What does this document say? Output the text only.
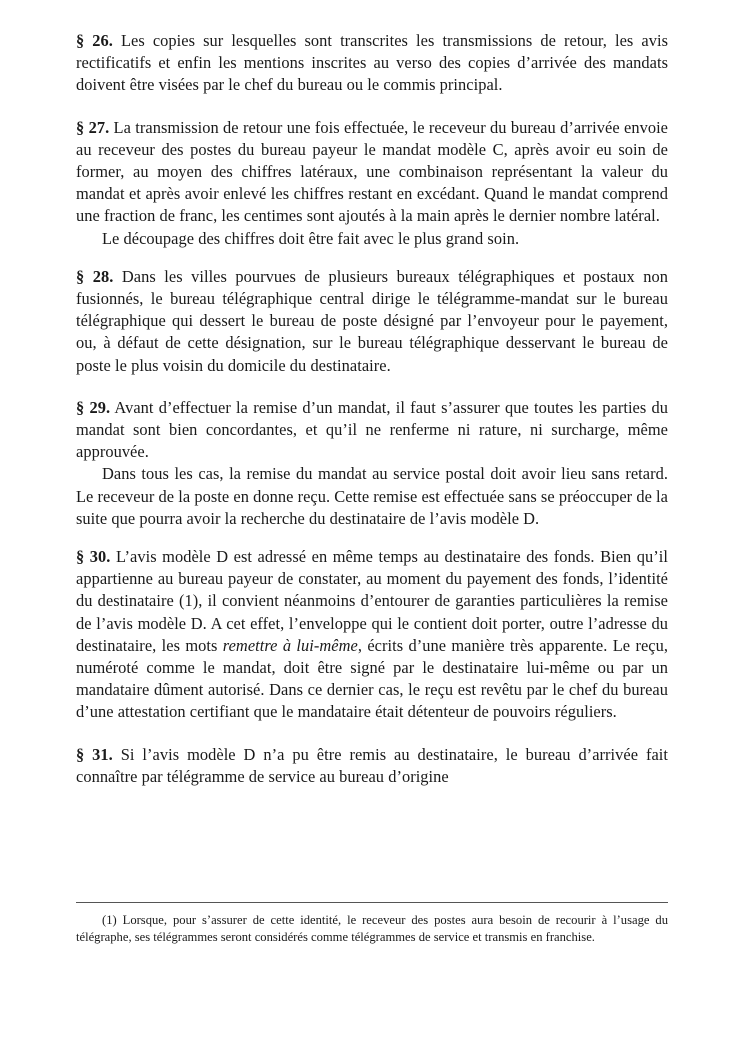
§ 26. Les copies sur lesquelles sont transcrites les transmissions de retour, les avis rectificatifs et enfin les mentions inscrites au verso des copies d’arrivée des mandats doivent être visées par le chef du bureau ou le commis principal.

§ 27. La transmission de retour une fois effectuée, le receveur du bureau d’arrivée envoie au receveur des postes du bureau payeur le mandat modèle C, après avoir eu soin de former, au moyen des chiffres latéraux, une combinaison représentant la valeur du mandat et après avoir enlevé les chiffres restant en excédant. Quand le mandat comprend une fraction de franc, les centimes sont ajoutés à la main après le dernier nombre latéral.

Le découpage des chiffres doit être fait avec le plus grand soin.

§ 28. Dans les villes pourvues de plusieurs bureaux télégraphiques et postaux non fusionnés, le bureau télégraphique central dirige le télégramme-mandat sur le bureau télégraphique qui dessert le bureau de poste désigné par l’envoyeur pour le payement, ou, à défaut de cette désignation, sur le bureau télégraphique desservant le bureau de poste le plus voisin du domicile du destinataire.

§ 29. Avant d’effectuer la remise d’un mandat, il faut s’assurer que toutes les parties du mandat sont bien concordantes, et qu’il ne renferme ni rature, ni surcharge, même approuvée.

Dans tous les cas, la remise du mandat au service postal doit avoir lieu sans retard. Le receveur de la poste en donne reçu. Cette remise est effectuée sans se préoccuper de la suite que pourra avoir la recherche du destinataire de l’avis modèle D.

§ 30. L’avis modèle D est adressé en même temps au destinataire des fonds. Bien qu’il appartienne au bureau payeur de constater, au moment du payement des fonds, l’identité du destinataire (1), il convient néanmoins d’entourer de garanties particulières la remise de l’avis modèle D. A cet effet, l’enveloppe qui le contient doit porter, outre l’adresse du destinataire, les mots remettre à lui-même, écrits d’une manière très apparente. Le reçu, numéroté comme le mandat, doit être signé par le destinataire lui-même ou par un mandataire dûment autorisé. Dans ce dernier cas, le reçu est revêtu par le chef du bureau d’une attestation certifiant que le mandataire était détenteur de pouvoirs réguliers.

§ 31. Si l’avis modèle D n’a pu être remis au destinataire, le bureau d’arrivée fait connaître par télégramme de service au bureau d’origine

(1) Lorsque, pour s’assurer de cette identité, le receveur des postes aura besoin de recourir à l’usage du télégraphe, ses télégrammes seront considérés comme télégrammes de service et transmis en franchise.
